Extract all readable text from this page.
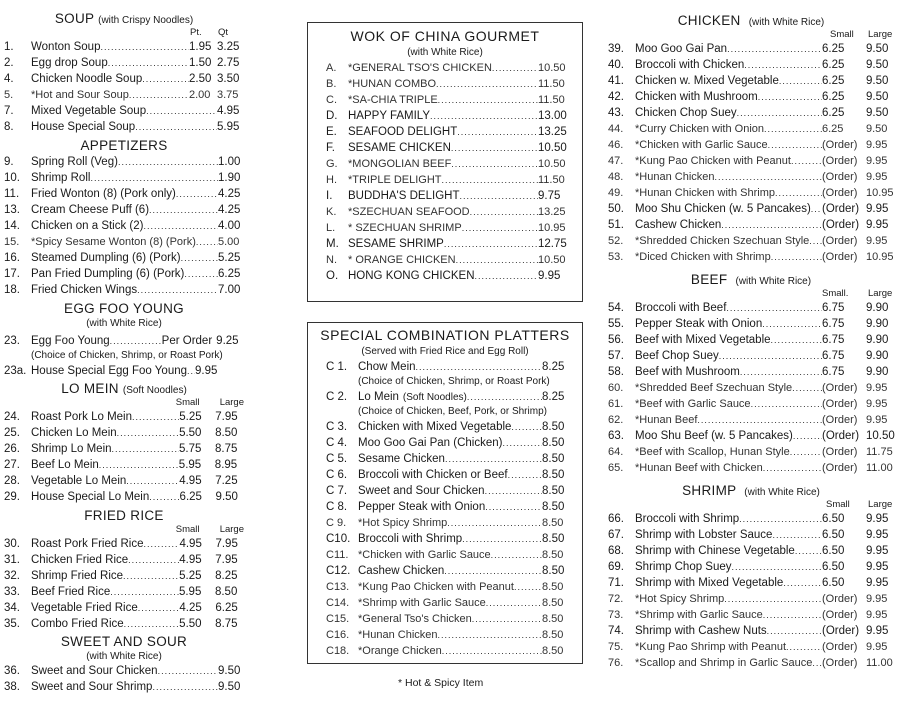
SOUP (with Crispy Noodles)
Pt.	Qt
1.	Wonton Soup .....	1.95 3.25
2.	Egg drop Soup .....	1.50 2.75
4.	Chicken Noodle Soup .....	2.50 3.50
5.	*Hot and Sour Soup .....	2.00 3.75
7.	Mixed Vegetable Soup .....	4.95
8.	House Special Soup .....	5.95
APPETIZERS
9.	Spring Roll (Veg) .....	1.00
10. Shrimp Roll .....	1.90
11.	Fried Wonton (8) (Pork only) .....	4.25
13. Cream Cheese Puff (6) .....	4.25
14. Chicken on a Stick (2) .....	4.00
15.	*Spicy Sesame Wonton (8) (Pork) ..... 5.00
16. Steamed Dumpling (6) (Pork) .....	5.25
17. Pan Fried Dumpling (6) (Pork) .....	6.25
18. Fried Chicken Wings .....	7.00
EGG FOO YOUNG
(with White Rice)
23. Egg Foo Young .....	Per Order 9.25
(Choice of Chicken, Shrimp, or Roast Pork)
23a. House Special Egg Foo Young ..... 9.95
LO MEIN (Soft Noodles)
Small	Large
24. Roast Pork Lo Mein .....	5.25	7.95
25. Chicken Lo Mein .....	5.50	8.50
26. Shrimp Lo Mein .....	5.75	8.75
27. Beef Lo Mein .....	5.95	8.95
28. Vegetable Lo Mein .....	4.95	7.25
29. House Special Lo Mein .....	6.25	9.50
FRIED RICE
Small	Large
30. Roast Pork Fried Rice .....	4.95	7.95
31. Chicken Fried Rice .....	4.95	7.95
32. Shrimp Fried Rice .....	5.25	8.25
33. Beef Fried Rice .....	5.95	8.50
34. Vegetable Fried Rice .....	4.25	6.25
35. Combo Fried Rice .....	5.50	8.75
SWEET AND SOUR
(with White Rice)
36. Sweet and Sour Chicken .....	9.50
38. Sweet and Sour Shrimp .....	9.50
WOK OF CHINA GOURMET
(with White Rice)
A.	*GENERAL TSO'S CHICKEN .....	10.50
B.	*HUNAN COMBO .....	11.50
C.	*SA-CHIA TRIPLE .....	11.50
D. HAPPY FAMILY .....	13.00
E. SEAFOOD DELIGHT .....	13.25
F.	SESAME CHICKEN .....	10.50
G. *MONGOLIAN BEEF .....	10.50
H.	*TRIPLE DELIGHT .....	11.50
I.	BUDDHA'S DELIGHT .....	9.75
K.	*SZECHUAN SEAFOOD .....	13.25
L.	* SZECHUAN SHRIMP .....	10.95
M. SESAME SHRIMP .....	12.75
N.	* ORANGE CHICKEN .....	10.50
O. HONG KONG CHICKEN .....	9.95
SPECIAL COMBINATION PLATTERS
(Served with Fried Rice and Egg Roll)
C 1. Chow Mein .....	8.25
(Choice of Chicken, Shrimp, or Roast Pork)
C 2. Lo Mein (Soft Noodles) .....	8.25
(Choice of Chicken, Beef, Pork, or Shrimp)
C 3. Chicken with Mixed Vegetable .....	8.50
C 4. Moo Goo Gai Pan (Chicken) .....	8.50
C 5. Sesame Chicken .....	8.50
C 6. Broccoli with Chicken or Beef .....	8.50
C 7. Sweet and Sour Chicken .....	8.50
C 8. Pepper Steak with Onion .....	8.50
C 9.	*Hot Spicy Shrimp .....	8.50
C10. Broccoli with Shrimp .....	8.50
C11. *Chicken with Garlic Sauce .....	8.50
C12. Cashew Chicken .....	8.50
C13. *Kung Pao Chicken with Peanut .....	8.50
C14. *Shrimp with Garlic Sauce .....	8.50
C15. *General Tso's Chicken .....	8.50
C16. *Hunan Chicken .....	8.50
C18. *Orange Chicken .....	8.50
* Hot & Spicy Item
CHICKEN (with White Rice)
Small	Large
39. Moo Goo Gai Pan .....	6.25	9.50
40. Broccoli with Chicken .....	6.25	9.50
41. Chicken w. Mixed Vegetable .....	6.25	9.50
42. Chicken with Mushroom .....	6.25	9.50
43. Chicken Chop Suey .....	6.25	9.50
44.	*Curry Chicken with Onion .....	6.25	9.50
46.	*Chicken with Garlic Sauce .....	(Order) 9.95
47.	*Kung Pao Chicken with Peanut .....	(Order) 9.95
48.	*Hunan Chicken .....	(Order) 9.95
49.	*Hunan Chicken with Shrimp .....	(Order) 10.95
50. Moo Shu Chicken (w. 5 Pancakes) ..... (Order) 9.95
51. Cashew Chicken .....	(Order) 9.95
52.	*Shredded Chicken Szechuan Style ..... (Order) 9.95
53.	*Diced Chicken with Shrimp .....	(Order) 10.95
BEEF (with White Rice)
Small.	Large
54. Broccoli with Beef .....	6.75	9.90
55. Pepper Steak with Onion .....	6.75	9.90
56. Beef with Mixed Vegetable .....	6.75	9.90
57. Beef Chop Suey .....	6.75	9.90
58. Beef with Mushroom .....	6.75	9.90
60.	*Shredded Beef Szechuan Style .....	(Order) 9.95
61.	*Beef with Garlic Sauce .....	(Order) 9.95
62.	*Hunan Beef .....	(Order) 9.95
63. Moo Shu Beef (w. 5 Pancakes) .....	(Order) 10.50
64.	*Beef with Scallop, Hunan Style .....	(Order) 11.75
65.	*Hunan Beef with Chicken .....	(Order) 11.00
SHRIMP (with White Rice)
Small	Large
66. Broccoli with Shrimp .....	6.50	9.95
67. Shrimp with Lobster Sauce .....	6.50	9.95
68. Shrimp with Chinese Vegetable ..... 6.50	9.95
69. Shrimp Chop Suey .....	6.50	9.95
71. Shrimp with Mixed Vegetable .....	6.50	9.95
72.	*Hot Spicy Shrimp .....	(Order) 9.95
73.	*Shrimp with Garlic Sauce .....	(Order) 9.95
74. Shrimp with Cashew Nuts .....	(Order) 9.95
75.	*Kung Pao Shrimp with Peanut .....	(Order) 9.95
76.	*Scallop and Shrimp in Garlic Sauce ..... (Order) 11.00
